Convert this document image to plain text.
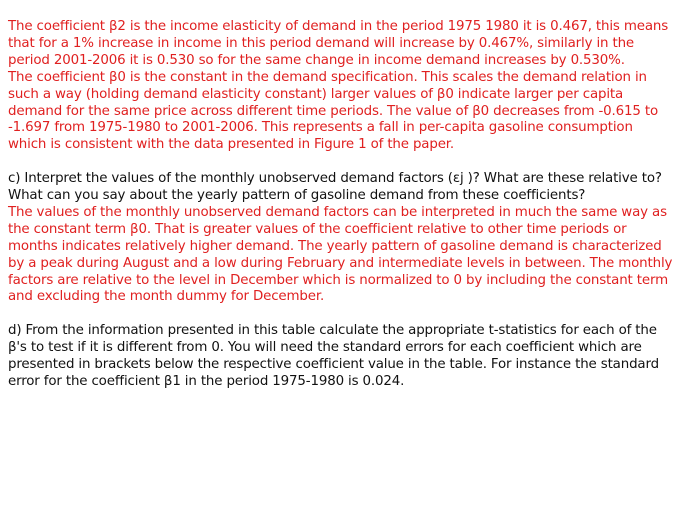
The coefficient β2 is the income elasticity of demand in the period 1975 1980 it is 0.467, this means that for a 1% increase in income in this period demand will increase by 0.467%, similarly in the period 2001-2006 it is 0.530 so for the same change in income demand increases by 0.530%.

The coefficient β0 is the constant in the demand specification. This scales the demand relation in such a way (holding demand elasticity constant) larger values of β0 indicate larger per capita demand for the same price across different time periods. The value of β0 decreases from -0.615 to -1.697 from 1975-1980 to 2001-2006. This represents a fall in per-capita gasoline consumption which is consistent with the data presented in Figure 1 of the paper.

c) Interpret the values of the monthly unobserved demand factors (εj )? What are these relative to? What can you say about the yearly pattern of gasoline demand from these coefficients?

The values of the monthly unobserved demand factors can be interpreted in much the same way as the constant term β0. That is greater values of the coefficient relative to other time periods or months indicates relatively higher demand. The yearly pattern of gasoline demand is characterized by a peak during August and a low during February and intermediate levels in between. The monthly factors are relative to the level in December which is normalized to 0 by including the constant term and excluding the month dummy for December.

d) From the information presented in this table calculate the appropriate t-statistics for each of the β's to test if it is different from 0. You will need the standard errors for each coefficient which are presented in brackets below the respective coefficient value in the table. For instance the standard error for the coefficient β1 in the period 1975-1980 is 0.024.
